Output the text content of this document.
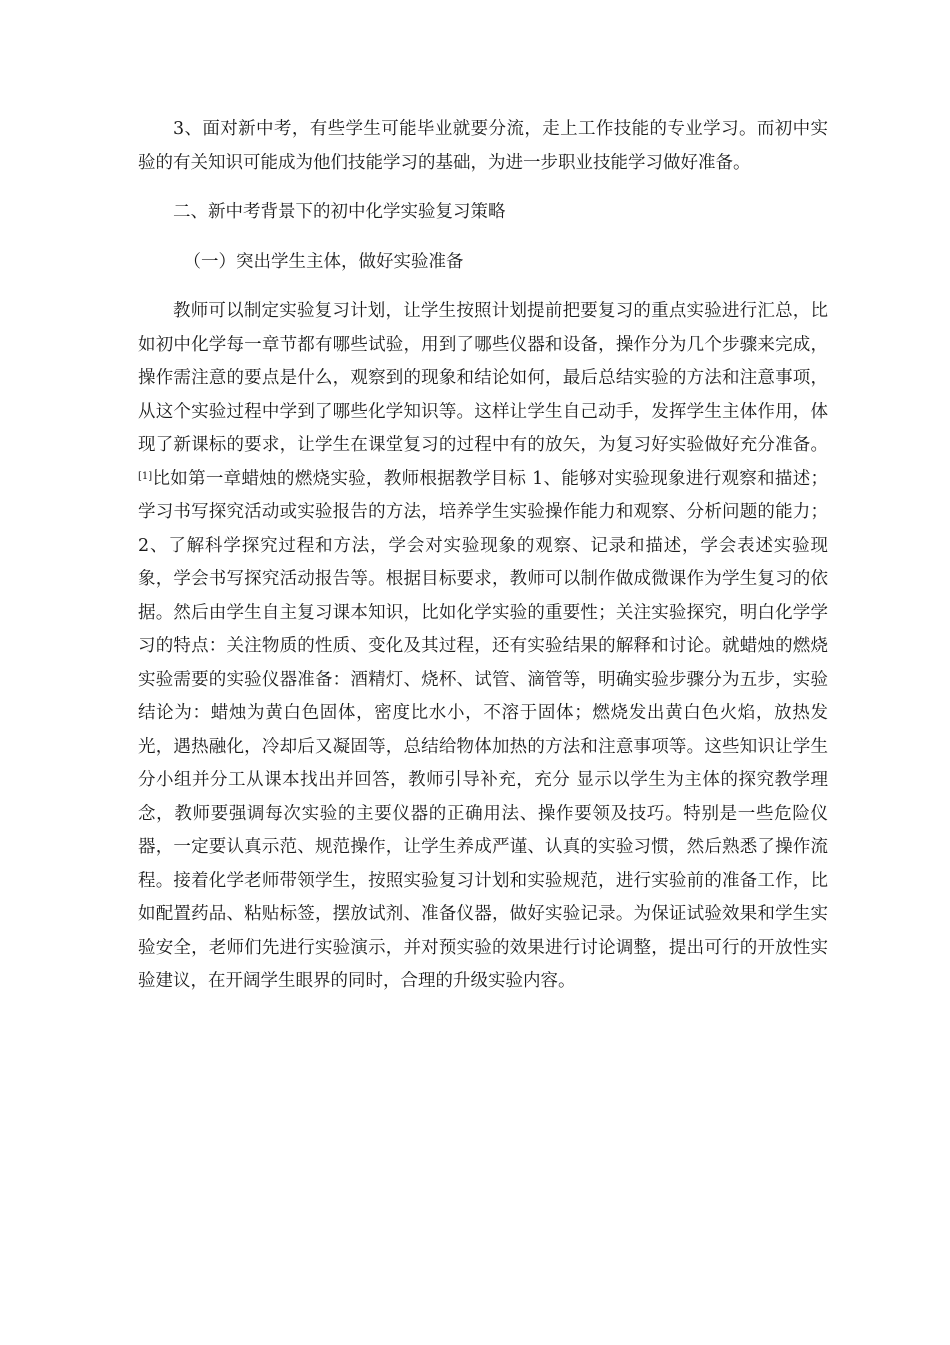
3、面对新中考，有些学生可能毕业就要分流，走上工作技能的专业学习。而初中实验的有关知识可能成为他们技能学习的基础，为进一步职业技能学习做好准备。

二、新中考背景下的初中化学实验复习策略

（一）突出学生主体，做好实验准备

教师可以制定实验复习计划，让学生按照计划提前把要复习的重点实验进行汇总，比如初中化学每一章节都有哪些试验，用到了哪些仪器和设备，操作分为几个步骤来完成，操作需注意的要点是什么，观察到的现象和结论如何，最后总结实验的方法和注意事项，从这个实验过程中学到了哪些化学知识等。这样让学生自己动手，发挥学生主体作用，体现了新课标的要求，让学生在课堂复习的过程中有的放矢，为复习好实验做好充分准备。[1]比如第一章蜡烛的燃烧实验，教师根据教学目标 1、能够对实验现象进行观察和描述；学习书写探究活动或实验报告的方法，培养学生实验操作能力和观察、分析问题的能力；2、了解科学探究过程和方法，学会对实验现象的观察、记录和描述，学会表述实验现象，学会书写探究活动报告等。根据目标要求，教师可以制作做成微课作为学生复习的依据。然后由学生自主复习课本知识，比如化学实验的重要性；关注实验探究，明白化学学习的特点：关注物质的性质、变化及其过程，还有实验结果的解释和讨论。就蜡烛的燃烧实验需要的实验仪器准备：酒精灯、烧杯、试管、滴管等，明确实验步骤分为五步，实验结论为：蜡烛为黄白色固体，密度比水小，不溶于固体；燃烧发出黄白色火焰，放热发光，遇热融化，冷却后又凝固等，总结给物体加热的方法和注意事项等。这些知识让学生分小组并分工从课本找出并回答，教师引导补充，充分 显示以学生为主体的探究教学理念，教师要强调每次实验的主要仪器的正确用法、操作要领及技巧。特别是一些危险仪器，一定要认真示范、规范操作，让学生养成严谨、认真的实验习惯，然后熟悉了操作流程。接着化学老师带领学生，按照实验复习计划和实验规范，进行实验前的准备工作，比如配置药品、粘贴标签，摆放试剂、准备仪器，做好实验记录。为保证试验效果和学生实验安全，老师们先进行实验演示，并对预实验的效果进行讨论调整，提出可行的开放性实验建议，在开阔学生眼界的同时，合理的升级实验内容。
